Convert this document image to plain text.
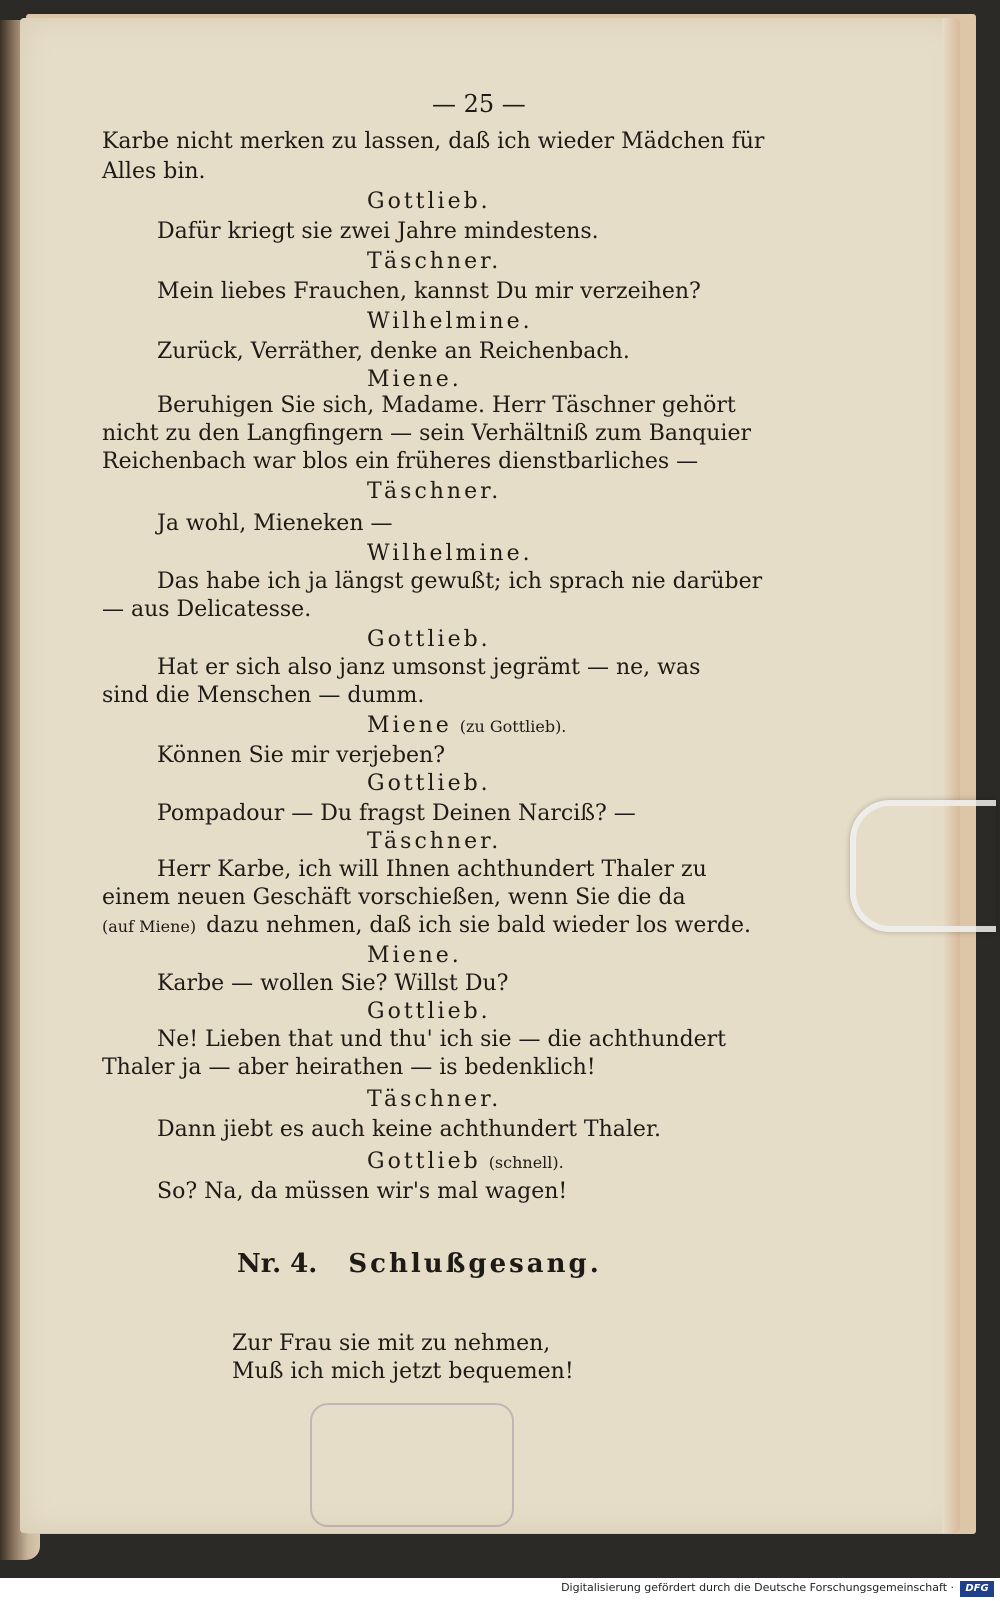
— 25 —
Karbe nicht merken zu lassen, daß ich wieder Mädchen für
Alles bin.
Gottlieb.
Dafür kriegt sie zwei Jahre mindestens.
Täschner.
Mein liebes Frauchen, kannst Du mir verzeihen?
Wilhelmine.
Zurück, Verräther, denke an Reichenbach.
Miene.
Beruhigen Sie sich, Madame. Herr Täschner gehört
nicht zu den Langfingern — sein Verhältniß zum Banquier
Reichenbach war blos ein früheres dienstbarliches —
Täschner.
Ja wohl, Mieneken —
Wilhelmine.
Das habe ich ja längst gewußt; ich sprach nie darüber
— aus Delicatesse.
Gottlieb.
Hat er sich also janz umsonst jegrämt — ne, was
sind die Menschen — dumm.
Miene (zu Gottlieb).
Können Sie mir verjeben?
Gottlieb.
Pompadour — Du fragst Deinen Narciß? —
Täschner.
Herr Karbe, ich will Ihnen achthundert Thaler zu
einem neuen Geschäft vorschießen, wenn Sie die da
(auf Miene) dazu nehmen, daß ich sie bald wieder los werde.
Miene.
Karbe — wollen Sie? Willst Du?
Gottlieb.
Ne! Lieben that und thu' ich sie — die achthundert
Thaler ja — aber heirathen — is bedenklich!
Täschner.
Dann jiebt es auch keine achthundert Thaler.
Gottlieb (schnell).
So? Na, da müssen wir's mal wagen!
Nr. 4. Schlußgesang.
Zur Frau sie mit zu nehmen,
Muß ich mich jetzt bequemen!
Digitalisierung gefördert durch die Deutsche Forschungsgemeinschaft ·	DFG
